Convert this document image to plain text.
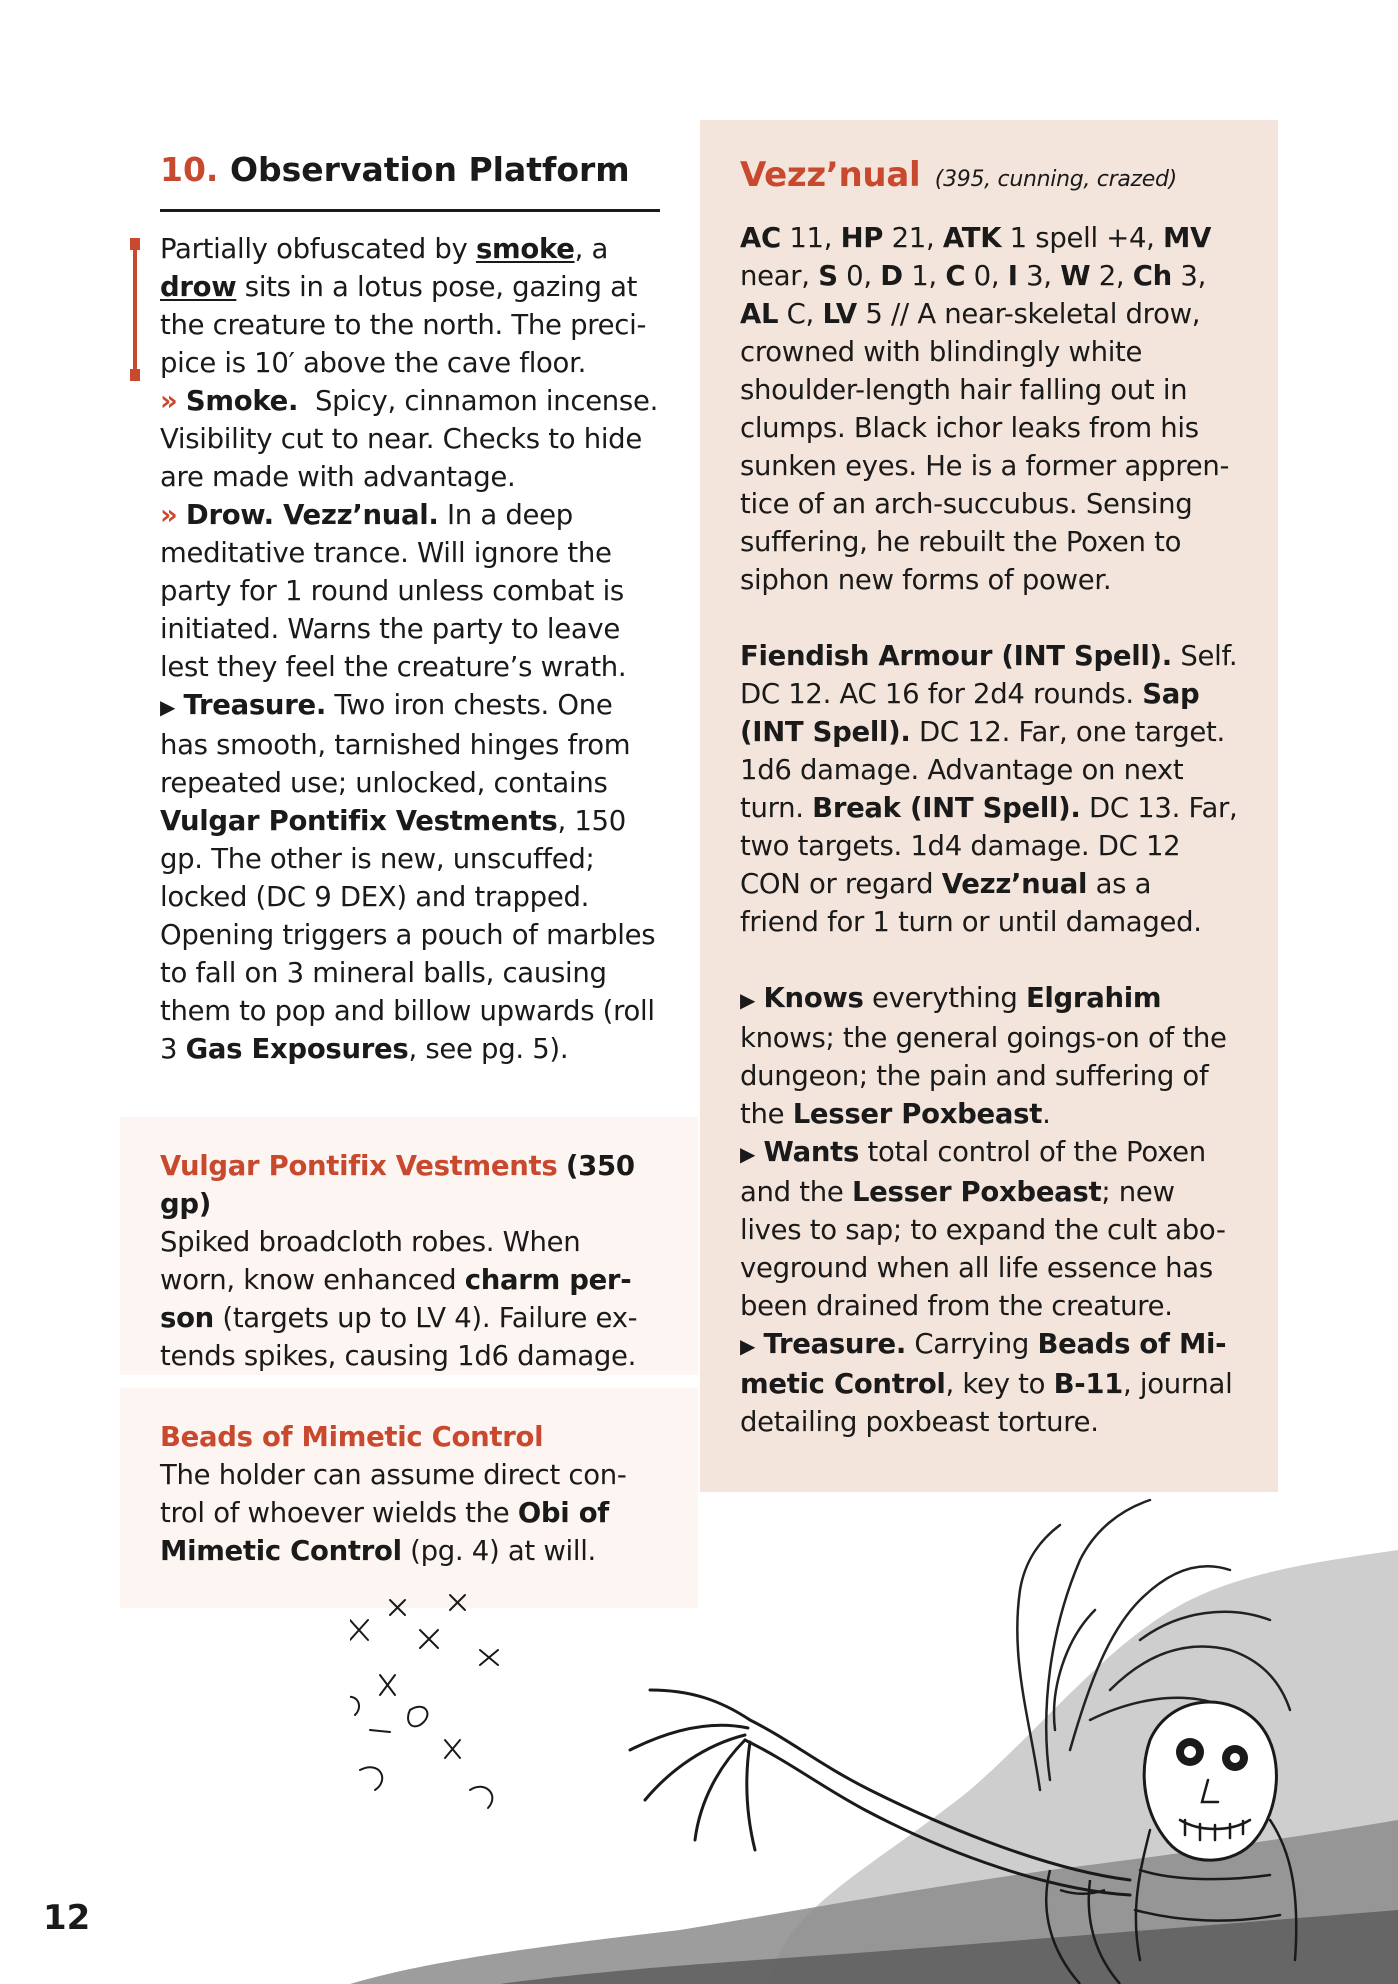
10. Observation Platform
Partially obfuscated by smoke, a drow sits in a lotus pose, gazing at the creature to the north. The preci-pice is 10′ above the cave floor.
» Smoke. Spicy, cinnamon incense. Visibility cut to near. Checks to hide are made with advantage.
» Drow. Vezz’nual. In a deep meditative trance. Will ignore the party for 1 round unless combat is initiated. Warns the party to leave lest they feel the creature’s wrath.
▶ Treasure. Two iron chests. One has smooth, tarnished hinges from repeated use; unlocked, contains Vulgar Pontifix Vestments, 150 gp. The other is new, unscuffed; locked (DC 9 DEX) and trapped. Opening triggers a pouch of marbles to fall on 3 mineral balls, causing them to pop and billow upwards (roll 3 Gas Exposures, see pg. 5).
Vulgar Pontifix Vestments (350 gp)
Spiked broadcloth robes. When worn, know enhanced charm per-son (targets up to LV 4). Failure ex-tends spikes, causing 1d6 damage.
Beads of Mimetic Control
The holder can assume direct con-trol of whoever wields the Obi of Mimetic Control (pg. 4) at will.
Vezz’nual (395, cunning, crazed)
AC 11, HP 21, ATK 1 spell +4, MV near, S 0, D 1, C 0, I 3, W 2, Ch 3, AL C, LV 5 // A near-skeletal drow, crowned with blindingly white shoulder-length hair falling out in clumps. Black ichor leaks from his sunken eyes. He is a former appren-tice of an arch-succubus. Sensing suffering, he rebuilt the Poxen to siphon new forms of power.
Fiendish Armour (INT Spell). Self. DC 12. AC 16 for 2d4 rounds. Sap (INT Spell). DC 12. Far, one target. 1d6 damage. Advantage on next turn. Break (INT Spell). DC 13. Far, two targets. 1d4 damage. DC 12 CON or regard Vezz’nual as a friend for 1 turn or until damaged.
▶ Knows everything Elgrahim knows; the general goings-on of the dungeon; the pain and suffering of the Lesser Poxbeast.
▶ Wants total control of the Poxen and the Lesser Poxbeast; new lives to sap; to expand the cult abo-veground when all life essence has been drained from the creature.
▶ Treasure. Carrying Beads of Mi-metic Control, key to B-11, journal detailing poxbeast torture.
12
